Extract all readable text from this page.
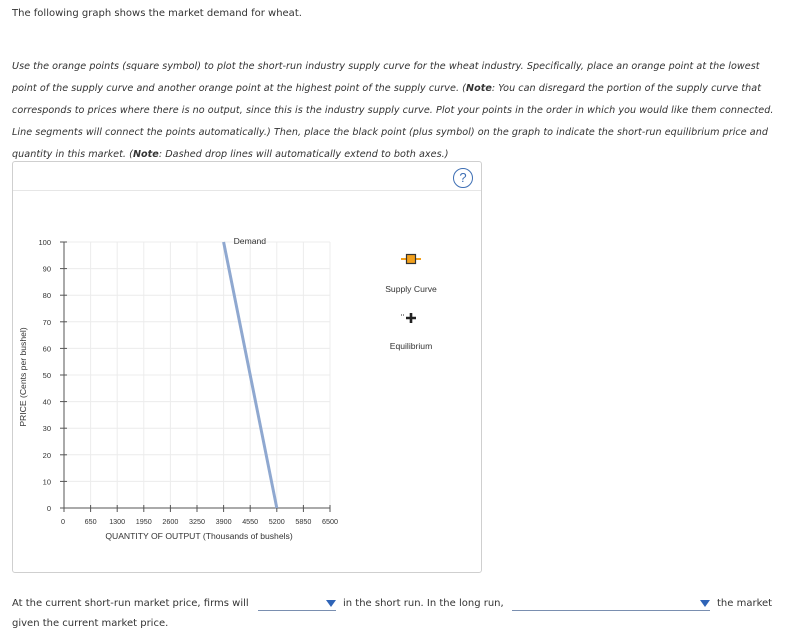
The following graph shows the market demand for wheat.
Use the orange points (square symbol) to plot the short-run industry supply curve for the wheat industry. Specifically, place an orange point at the lowest point of the supply curve and another orange point at the highest point of the supply curve. (Note: You can disregard the portion of the supply curve that corresponds to prices where there is no output, since this is the industry supply curve. Plot your points in the order in which you would like them connected. Line segments will connect the points automatically.) Then, place the black point (plus symbol) on the graph to indicate the short-run equilibrium price and quantity in this market. (Note: Dashed drop lines will automatically extend to both axes.)
?
0
10
20
30
40
50
60
70
80
90
100
0	650 1300 1950 2600 3250 3900 4550 5200 5850 6500
QUANTITY OF OUTPUT (Thousands of bushels)
PRICE (Cents per bushel)
Demand
Supply Curve
Equilibrium
At the current short-run market price, firms will	in the short run. In the long run,	the market
given the current market price.
